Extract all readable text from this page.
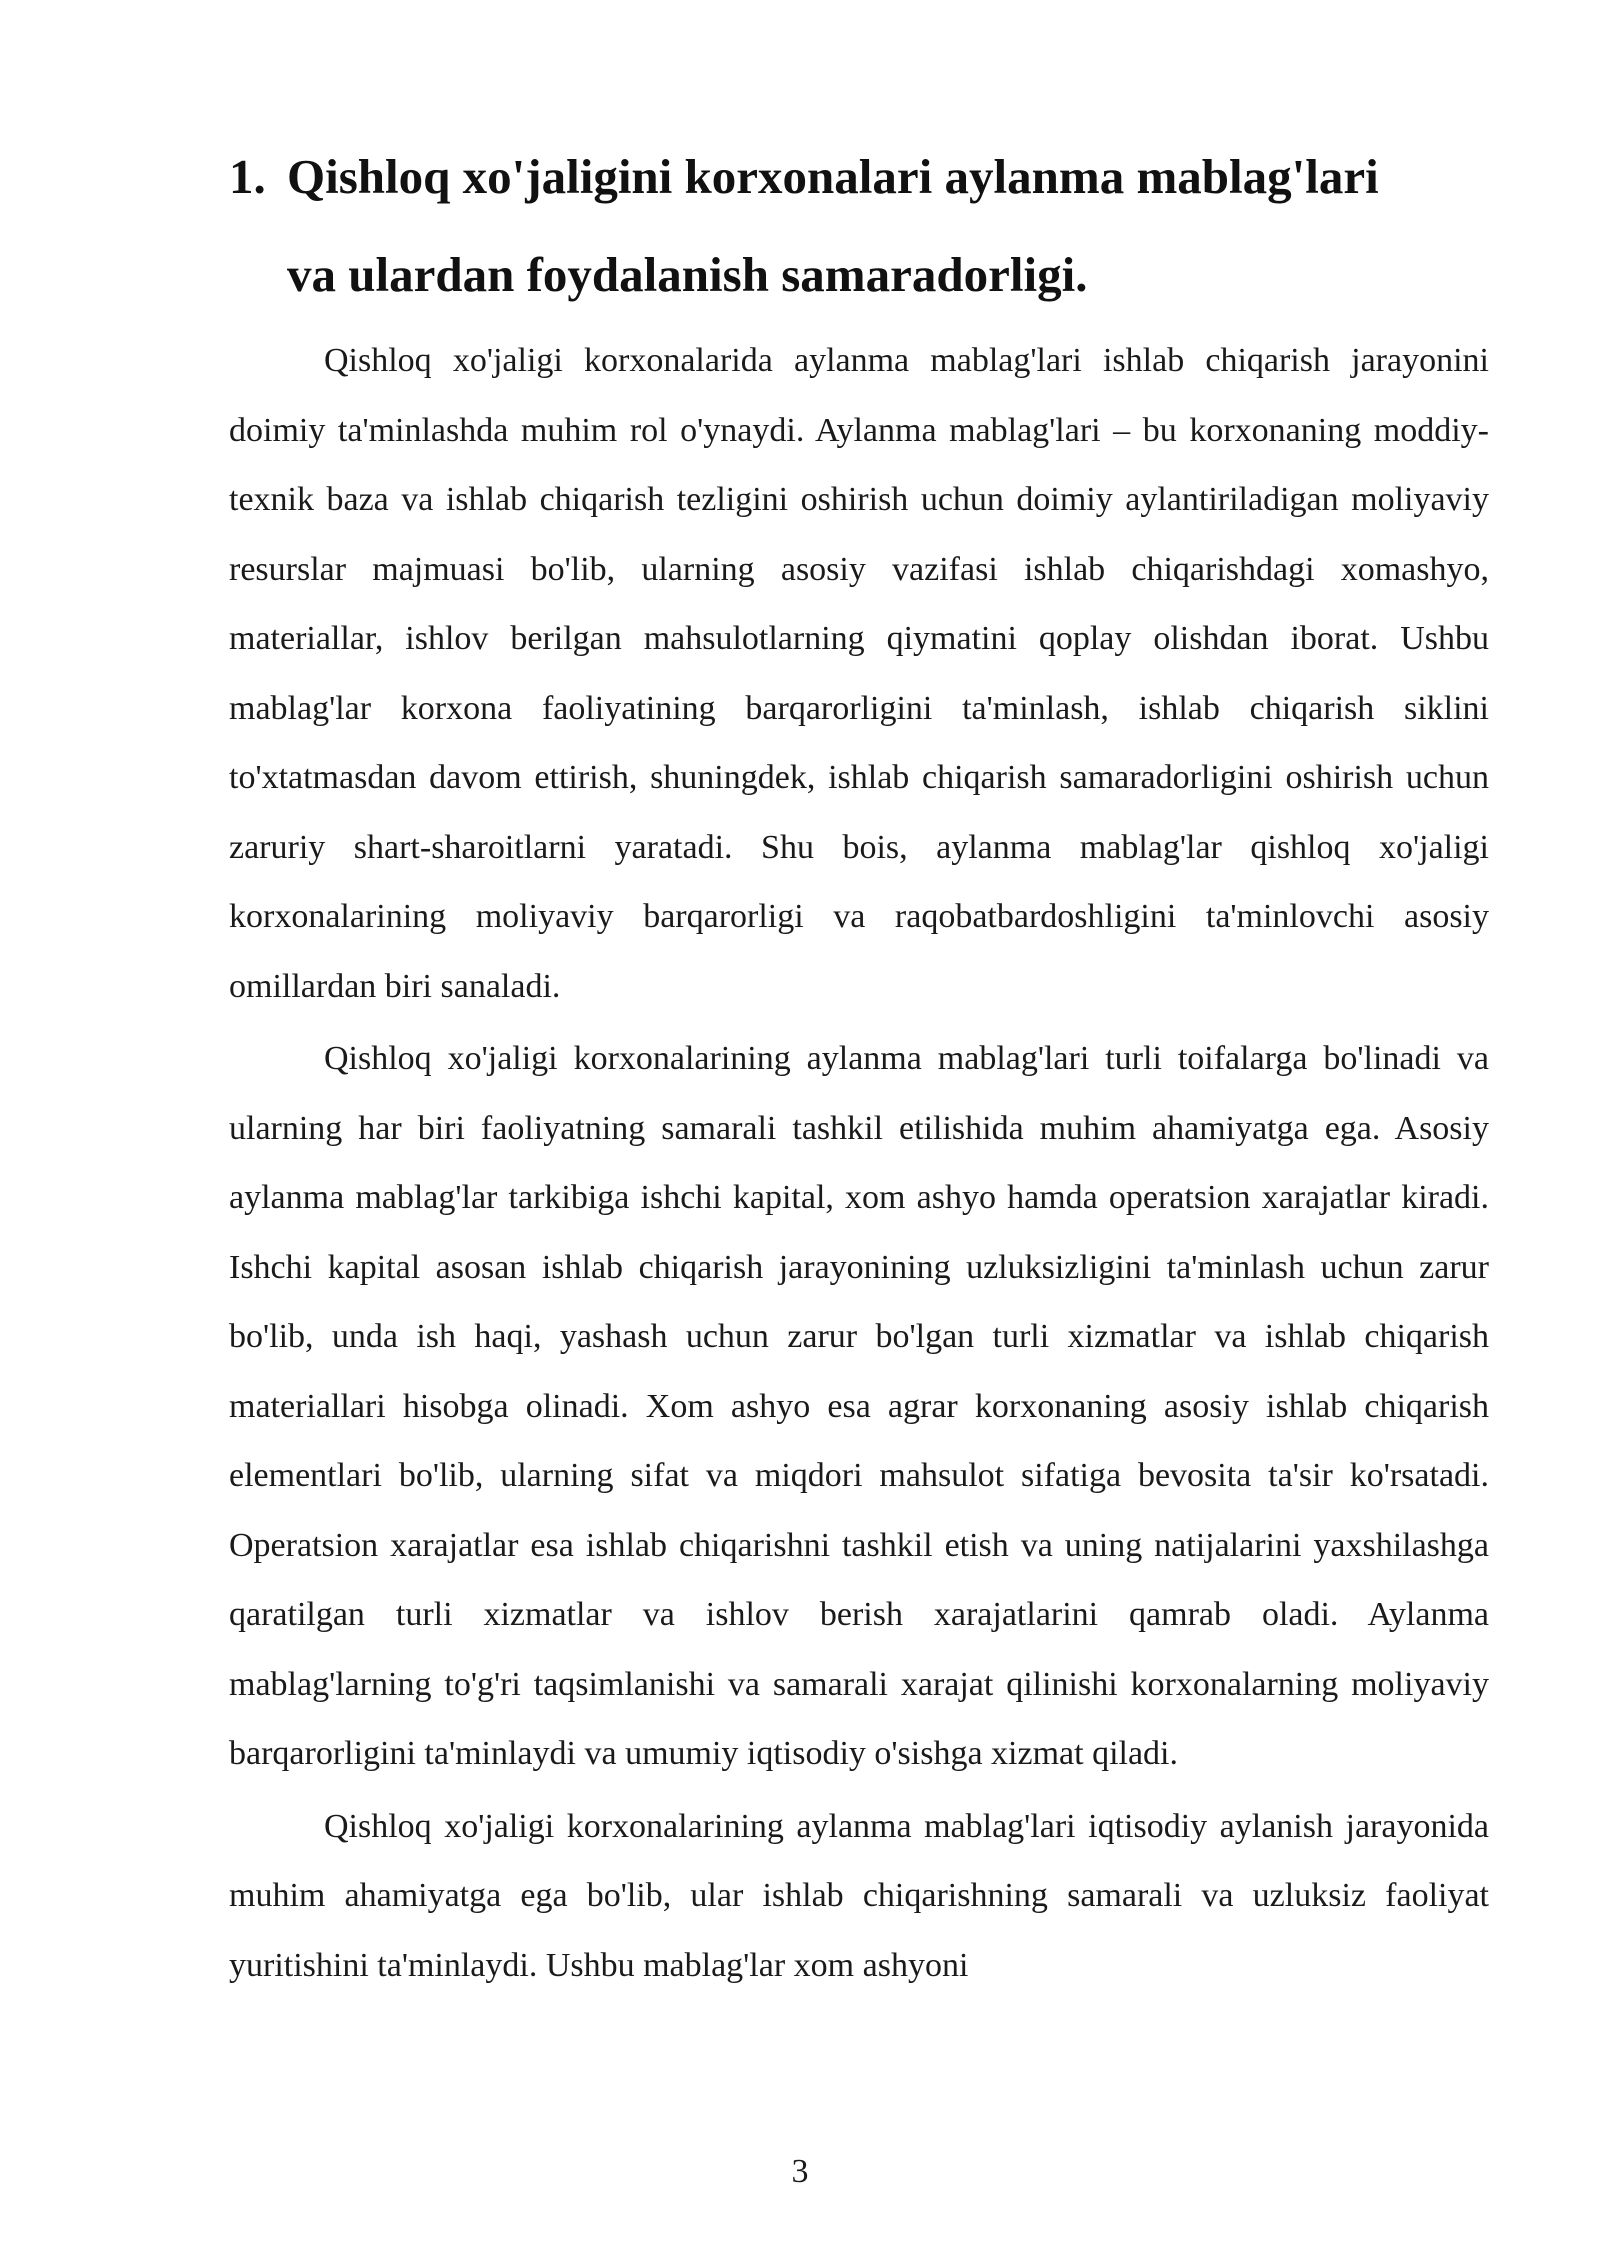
1. Qishloq xo'jaligini korxonalari aylanma mablag'lari
va ulardan foydalanish samaradorligi.

Qishloq xo'jaligi korxonalarida aylanma mablag'lari ishlab chiqarish jarayonini doimiy ta'minlashda muhim rol o'ynaydi. Aylanma mablag'lari – bu korxonaning moddiy-texnik baza va ishlab chiqarish tezligini oshirish uchun doimiy aylantiriladigan moliyaviy resurslar majmuasi bo'lib, ularning asosiy vazifasi ishlab chiqarishdagi xomashyo, materiallar, ishlov berilgan mahsulotlarning qiymatini qoplay olishdan iborat. Ushbu mablag'lar korxona faoliyatining barqarorligini ta'minlash, ishlab chiqarish siklini to'xtatmasdan davom ettirish, shuningdek, ishlab chiqarish samaradorligini oshirish uchun zaruriy shart-sharoitlarni yaratadi. Shu bois, aylanma mablag'lar qishloq xo'jaligi korxonalarining moliyaviy barqarorligi va raqobatbardoshligini ta'minlovchi asosiy omillardan biri sanaladi.

Qishloq xo'jaligi korxonalarining aylanma mablag'lari turli toifalarga bo'linadi va ularning har biri faoliyatning samarali tashkil etilishida muhim ahamiyatga ega. Asosiy aylanma mablag'lar tarkibiga ishchi kapital, xom ashyo hamda operatsion xarajatlar kiradi. Ishchi kapital asosan ishlab chiqarish jarayonining uzluksizligini ta'minlash uchun zarur bo'lib, unda ish haqi, yashash uchun zarur bo'lgan turli xizmatlar va ishlab chiqarish materiallari hisobga olinadi. Xom ashyo esa agrar korxonaning asosiy ishlab chiqarish elementlari bo'lib, ularning sifat va miqdori mahsulot sifatiga bevosita ta'sir ko'rsatadi. Operatsion xarajatlar esa ishlab chiqarishni tashkil etish va uning natijalarini yaxshilashga qaratilgan turli xizmatlar va ishlov berish xarajatlarini qamrab oladi. Aylanma mablag'larning to'g'ri taqsimlanishi va samarali xarajat qilinishi korxonalarning moliyaviy barqarorligini ta'minlaydi va umumiy iqtisodiy o'sishga xizmat qiladi.

Qishloq xo'jaligi korxonalarining aylanma mablag'lari iqtisodiy aylanish jarayonida muhim ahamiyatga ega bo'lib, ular ishlab chiqarishning samarali va uzluksiz faoliyat yuritishini ta'minlaydi. Ushbu mablag'lar xom ashyoni

3
